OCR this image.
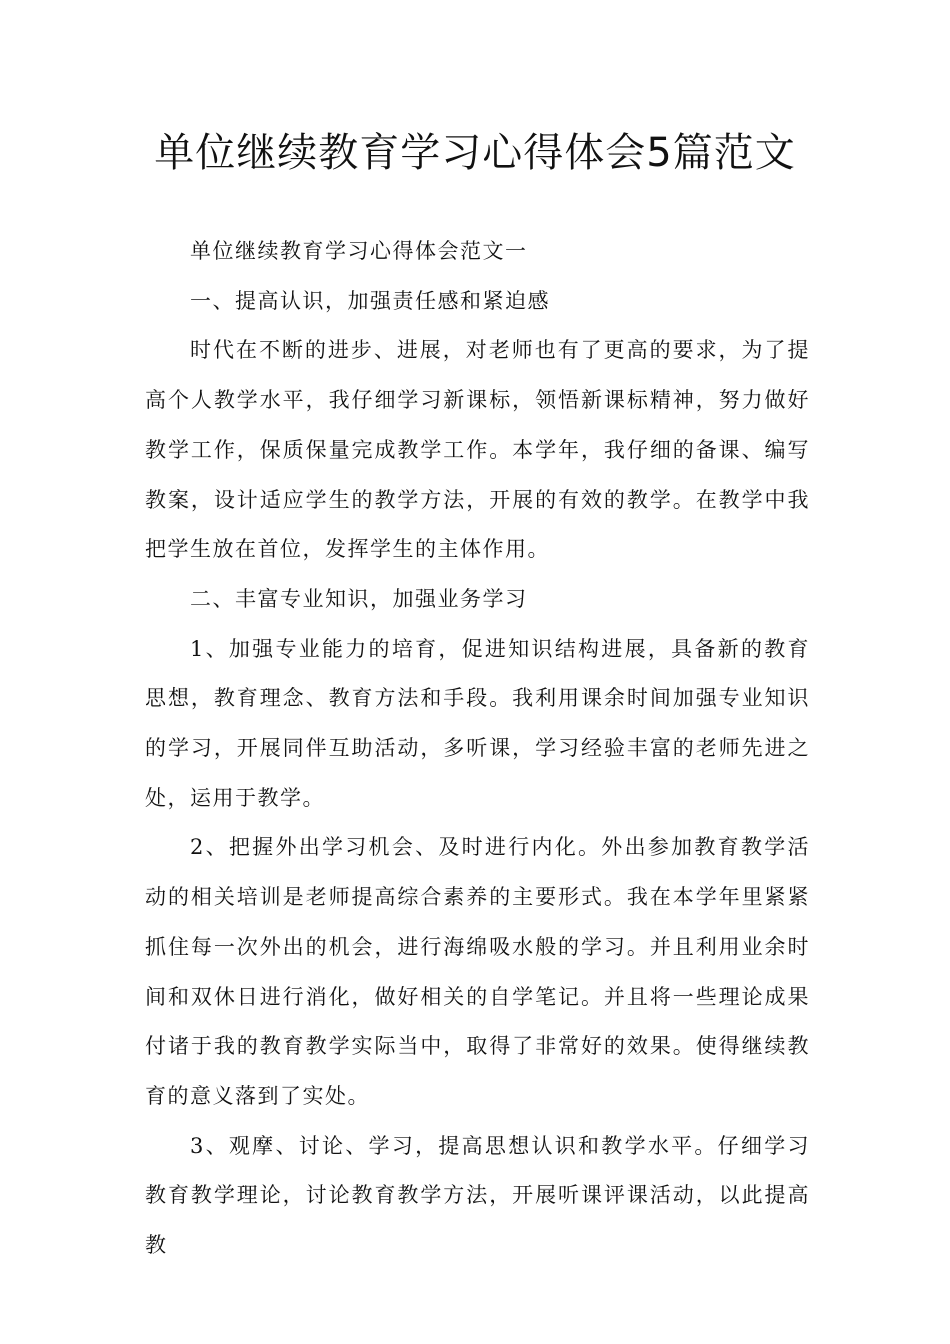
单位继续教育学习心得体会5篇范文

单位继续教育学习心得体会范文一

一、提高认识，加强责任感和紧迫感

时代在不断的进步、进展，对老师也有了更高的要求，为了提高个人教学水平，我仔细学习新课标，领悟新课标精神，努力做好教学工作，保质保量完成教学工作。本学年，我仔细的备课、编写教案，设计适应学生的教学方法，开展的有效的教学。在教学中我把学生放在首位，发挥学生的主体作用。

二、丰富专业知识，加强业务学习

1、加强专业能力的培育，促进知识结构进展，具备新的教育思想，教育理念、教育方法和手段。我利用课余时间加强专业知识的学习，开展同伴互助活动，多听课，学习经验丰富的老师先进之处，运用于教学。

2、把握外出学习机会、及时进行内化。外出参加教育教学活动的相关培训是老师提高综合素养的主要形式。我在本学年里紧紧抓住每一次外出的机会，进行海绵吸水般的学习。并且利用业余时间和双休日进行消化，做好相关的自学笔记。并且将一些理论成果付诸于我的教育教学实际当中，取得了非常好的效果。使得继续教育的意义落到了实处。

3、观摩、讨论、学习，提高思想认识和教学水平。仔细学习教育教学理论，讨论教育教学方法，开展听课评课活动，以此提高教
